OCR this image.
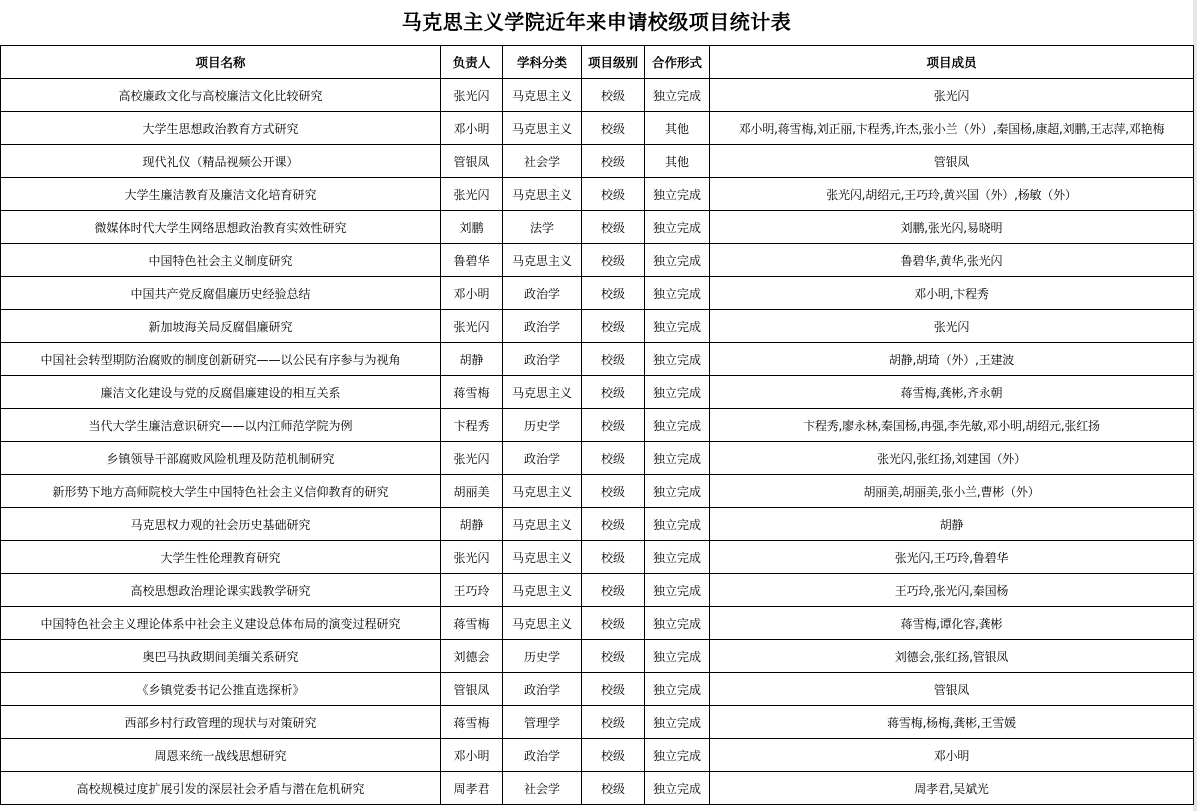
马克思主义学院近年来申请校级项目统计表
项目名称	负责人	学科分类	项目级别	合作形式	项目成员
高校廉政文化与高校廉洁文化比较研究	张光闪	马克思主义	校级	独立完成	张光闪
大学生思想政治教育方式研究	邓小明	马克思主义	校级	其他	邓小明,蒋雪梅,刘正丽,卞程秀,许杰,张小兰（外）,秦国杨,康超,刘鹏,王志萍,邓艳梅
现代礼仪（精品视频公开课）	管银凤	社会学	校级	其他	管银凤
大学生廉洁教育及廉洁文化培育研究	张光闪	马克思主义	校级	独立完成	张光闪,胡绍元,王巧玲,黄兴国（外）,杨敏（外）
微媒体时代大学生网络思想政治教育实效性研究	刘鹏	法学	校级	独立完成	刘鹏,张光闪,易晓明
中国特色社会主义制度研究	鲁碧华	马克思主义	校级	独立完成	鲁碧华,黄华,张光闪
中国共产党反腐倡廉历史经验总结	邓小明	政治学	校级	独立完成	邓小明,卞程秀
新加坡海关局反腐倡廉研究	张光闪	政治学	校级	独立完成	张光闪
中国社会转型期防治腐败的制度创新研究——以公民有序参与为视角	胡静	政治学	校级	独立完成	胡静,胡琦（外）,王建波
廉洁文化建设与党的反腐倡廉建设的相互关系	蒋雪梅	马克思主义	校级	独立完成	蒋雪梅,龚彬,齐永朝
当代大学生廉洁意识研究——以内江师范学院为例	卞程秀	历史学	校级	独立完成	卞程秀,廖永林,秦国杨,冉强,李先敏,邓小明,胡绍元,张红扬
乡镇领导干部腐败风险机理及防范机制研究	张光闪	政治学	校级	独立完成	张光闪,张红扬,刘建国（外）
新形势下地方高师院校大学生中国特色社会主义信仰教育的研究	胡丽美	马克思主义	校级	独立完成	胡丽美,胡丽美,张小兰,曹彬（外）
马克思权力观的社会历史基础研究	胡静	马克思主义	校级	独立完成	胡静
大学生性伦理教育研究	张光闪	马克思主义	校级	独立完成	张光闪,王巧玲,鲁碧华
高校思想政治理论课实践教学研究	王巧玲	马克思主义	校级	独立完成	王巧玲,张光闪,秦国杨
中国特色社会主义理论体系中社会主义建设总体布局的演变过程研究	蒋雪梅	马克思主义	校级	独立完成	蒋雪梅,谭化容,龚彬
奥巴马执政期间美缅关系研究	刘德会	历史学	校级	独立完成	刘德会,张红扬,管银凤
《乡镇党委书记公推直选探析》	管银凤	政治学	校级	独立完成	管银凤
西部乡村行政管理的现状与对策研究	蒋雪梅	管理学	校级	独立完成	蒋雪梅,杨梅,龚彬,王雪媛
周恩来统一战线思想研究	邓小明	政治学	校级	独立完成	邓小明
高校规模过度扩展引发的深层社会矛盾与潜在危机研究	周孝君	社会学	校级	独立完成	周孝君,吴斌光
